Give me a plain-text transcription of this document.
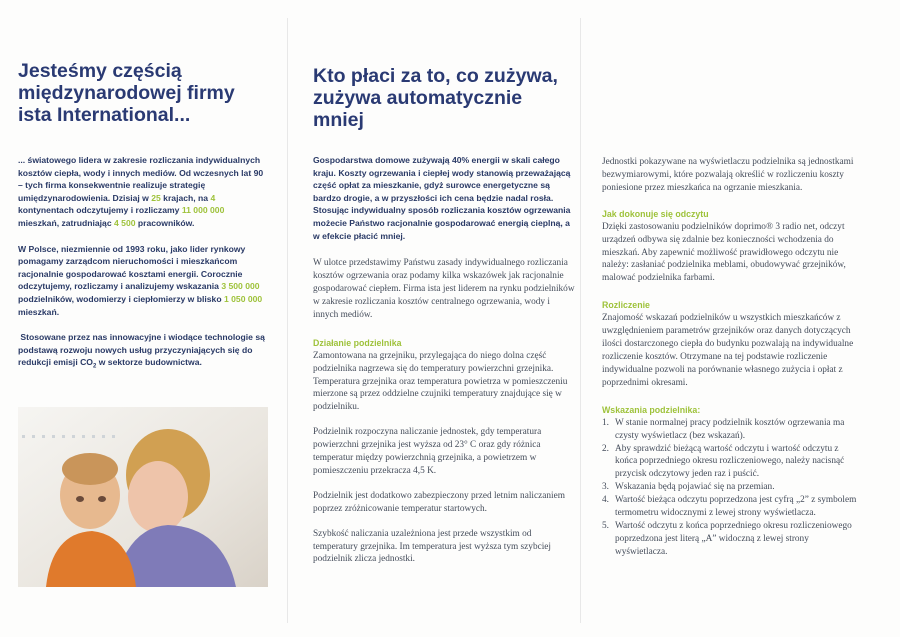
Jesteśmy częścią
międzynarodowej firmy
ista International...

... światowego lidera w zakresie rozliczania indywidualnych kosztów ciepła, wody i innych mediów. Od wczesnych lat 90 – tych firma konsekwentnie realizuje strategię umiędzynarodowienia. Dzisiaj w 25 krajach, na 4 kontynentach odczytujemy i rozliczamy 11 000 000 mieszkań, zatrudniając 4 500 pracowników.

W Polsce, niezmiennie od 1993 roku, jako lider rynkowy pomagamy zarządcom nieruchomości i mieszkańcom racjonalnie gospodarować kosztami energii. Corocznie odczytujemy, rozliczamy i analizujemy wskazania 3 500 000 podzielników, wodomierzy i ciepłomierzy w blisko 1 050 000 mieszkań.

Stosowane przez nas innowacyjne i wiodące technologie są podstawą rozwoju nowych usług przyczyniających się do redukcji emisji $CO_2$ w sektorze budownictwa.

Kto płaci za to, co zużywa,
zużywa automatycznie mniej

Gospodarstwa domowe zużywają 40% energii w skali całego kraju. Koszty ogrzewania i ciepłej wody stanowią przeważającą część opłat za mieszkanie, gdyż surowce energetyczne są bardzo drogie, a w przyszłości ich cena będzie nadal rosła. Stosując indywidualny sposób rozliczania kosztów ogrzewania możecie Państwo racjonalnie gospodarować energią cieplną, a w efekcie płacić mniej.

W ulotce przedstawimy Państwu zasady indywidualnego rozliczania kosztów ogrzewania oraz podamy kilka wskazówek jak racjonalnie gospodarować ciepłem. Firma ista jest liderem na rynku podzielników w zakresie rozliczania kosztów centralnego ogrzewania, wody i innych mediów.

Działanie podzielnika

Zamontowana na grzejniku, przylegająca do niego dolna część podzielnika nagrzewa się do temperatury powierzchni grzejnika. Temperatura grzejnika oraz temperatura powietrza w pomieszczeniu mierzone są przez oddzielne czujniki temperatury znajdujące się w podzielniku.

Podzielnik rozpoczyna naliczanie jednostek, gdy temperatura powierzchni grzejnika jest wyższa od 23° C oraz gdy różnica temperatur między powierzchnią grzejnika, a powietrzem w pomieszczeniu przekracza 4,5 K.

Podzielnik jest dodatkowo zabezpieczony przed letnim naliczaniem poprzez zróżnicowanie temperatur startowych.

Szybkość naliczania uzależniona jest przede wszystkim od temperatury grzejnika. Im temperatura jest wyższa tym szybciej podzielnik zlicza jednostki.

Jednostki pokazywane na wyświetlaczu podzielnika są jednostkami bezwymiarowymi, które pozwalają określić w rozliczeniu koszty poniesione przez mieszkańca na ogrzanie mieszkania.

Jak dokonuje się odczytu

Dzięki zastosowaniu podzielników doprimo® 3 radio net, odczyt urządzeń odbywa się zdalnie bez konieczności wchodzenia do mieszkań. Aby zapewnić możliwość prawidłowego odczytu nie należy: zasłaniać podzielnika meblami, obudowywać grzejników, malować podzielnika farbami.

Rozliczenie

Znajomość wskazań podzielników u wszystkich mieszkańców z uwzględnieniem parametrów grzejników oraz danych dotyczących ilości dostarczonego ciepła do budynku pozwalają na indywidualne rozliczenie kosztów. Otrzymane na tej podstawie rozliczenie indywidualne pozwoli na porównanie własnego zużycia i opłat z poprzednimi okresami.

Wskazania podzielnika:

1. W stanie normalnej pracy podzielnik kosztów ogrzewania ma czysty wyświetlacz (bez wskazań).
2. Aby sprawdzić bieżącą wartość odczytu i wartość odczytu z końca poprzedniego okresu rozliczeniowego, należy nacisnąć przycisk odczytowy jeden raz i puścić.
3. Wskazania będą pojawiać się na przemian.
4. Wartość bieżąca odczytu poprzedzona jest cyfrą „2” z symbolem termometru widocznymi z lewej strony wyświetlacza.
5. Wartość odczytu z końca poprzedniego okresu rozliczeniowego poprzedzona jest literą „A” widoczną z lewej strony wyświetlacza.
